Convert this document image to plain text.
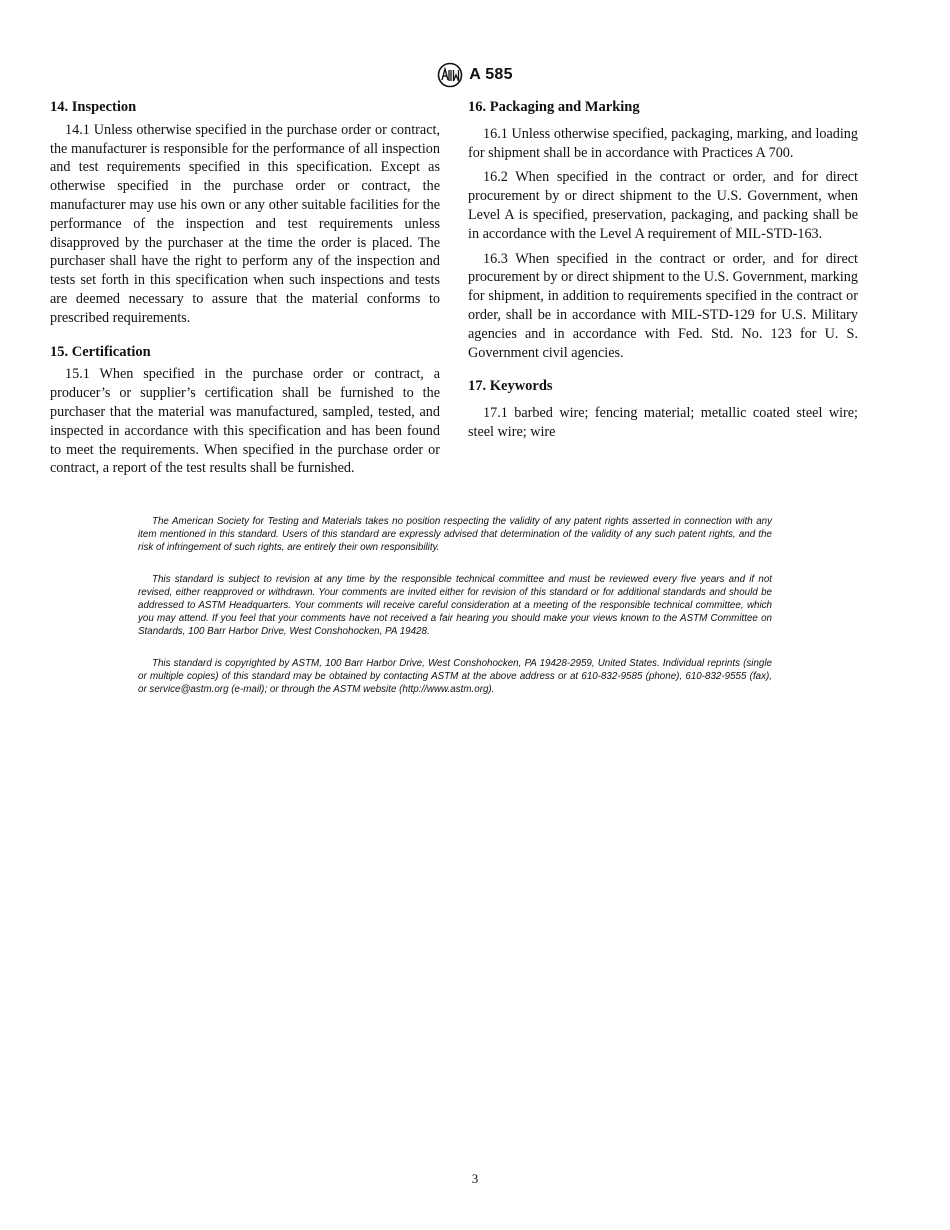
A 585
14. Inspection

14.1 Unless otherwise specified in the purchase order or contract, the manufacturer is responsible for the performance of all inspection and test requirements specified in this specification. Except as otherwise specified in the purchase order or contract, the manufacturer may use his own or any other suitable facilities for the performance of the inspection and test requirements unless disapproved by the purchaser at the time the order is placed. The purchaser shall have the right to perform any of the inspection and tests set forth in this specification when such inspections and tests are deemed necessary to assure that the material conforms to prescribed requirements.

15. Certification

15.1 When specified in the purchase order or contract, a producer’s or supplier’s certification shall be furnished to the purchaser that the material was manufactured, sampled, tested, and inspected in accordance with this specification and has been found to meet the requirements. When specified in the purchase order or contract, a report of the test results shall be furnished.

16. Packaging and Marking

16.1 Unless otherwise specified, packaging, marking, and loading for shipment shall be in accordance with Practices A 700.

16.2 When specified in the contract or order, and for direct procurement by or direct shipment to the U.S. Government, when Level A is specified, preservation, packaging, and packing shall be in accordance with the Level A requirement of MIL-STD-163.

16.3 When specified in the contract or order, and for direct procurement by or direct shipment to the U.S. Government, marking for shipment, in addition to requirements specified in the contract or order, shall be in accordance with MIL-STD-129 for U.S. Military agencies and in accordance with Fed. Std. No. 123 for U. S. Government civil agencies.

17. Keywords

17.1 barbed wire; fencing material; metallic coated steel wire; steel wire; wire

The American Society for Testing and Materials takes no position respecting the validity of any patent rights asserted in connection with any item mentioned in this standard. Users of this standard are expressly advised that determination of the validity of any such patent rights, and the risk of infringement of such rights, are entirely their own responsibility.

This standard is subject to revision at any time by the responsible technical committee and must be reviewed every five years and if not revised, either reapproved or withdrawn. Your comments are invited either for revision of this standard or for additional standards and should be addressed to ASTM Headquarters. Your comments will receive careful consideration at a meeting of the responsible technical committee, which you may attend. If you feel that your comments have not received a fair hearing you should make your views known to the ASTM Committee on Standards, 100 Barr Harbor Drive, West Conshohocken, PA 19428.

This standard is copyrighted by ASTM, 100 Barr Harbor Drive, West Conshohocken, PA 19428-2959, United States. Individual reprints (single or multiple copies) of this standard may be obtained by contacting ASTM at the above address or at 610-832-9585 (phone), 610-832-9555 (fax), or service@astm.org (e-mail); or through the ASTM website (http://www.astm.org).

3
